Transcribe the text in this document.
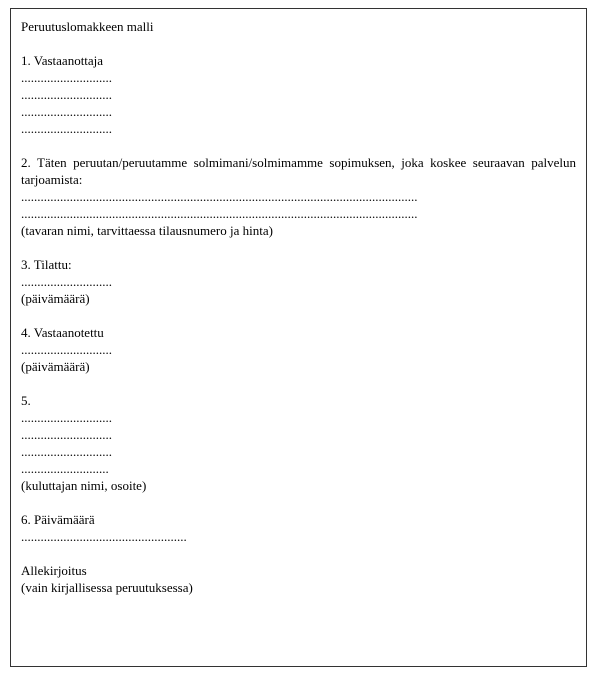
Peruutuslomakkeen malli
1. Vastaanottaja
............................
............................
............................
............................
2. Täten peruutan/peruutamme solmimani/solmimamme sopimuksen, joka koskee seuraavan palvelun tarjoamista:
..........................................................................................................................
..........................................................................................................................
(tavaran nimi, tarvittaessa tilausnumero ja hinta)
3. Tilattu:
............................
(päivämäärä)
4. Vastaanotettu
............................
(päivämäärä)
5.
............................
............................
............................
...........................
(kuluttajan nimi, osoite)
6. Päivämäärä
...................................................
Allekirjoitus
(vain kirjallisessa peruutuksessa)
